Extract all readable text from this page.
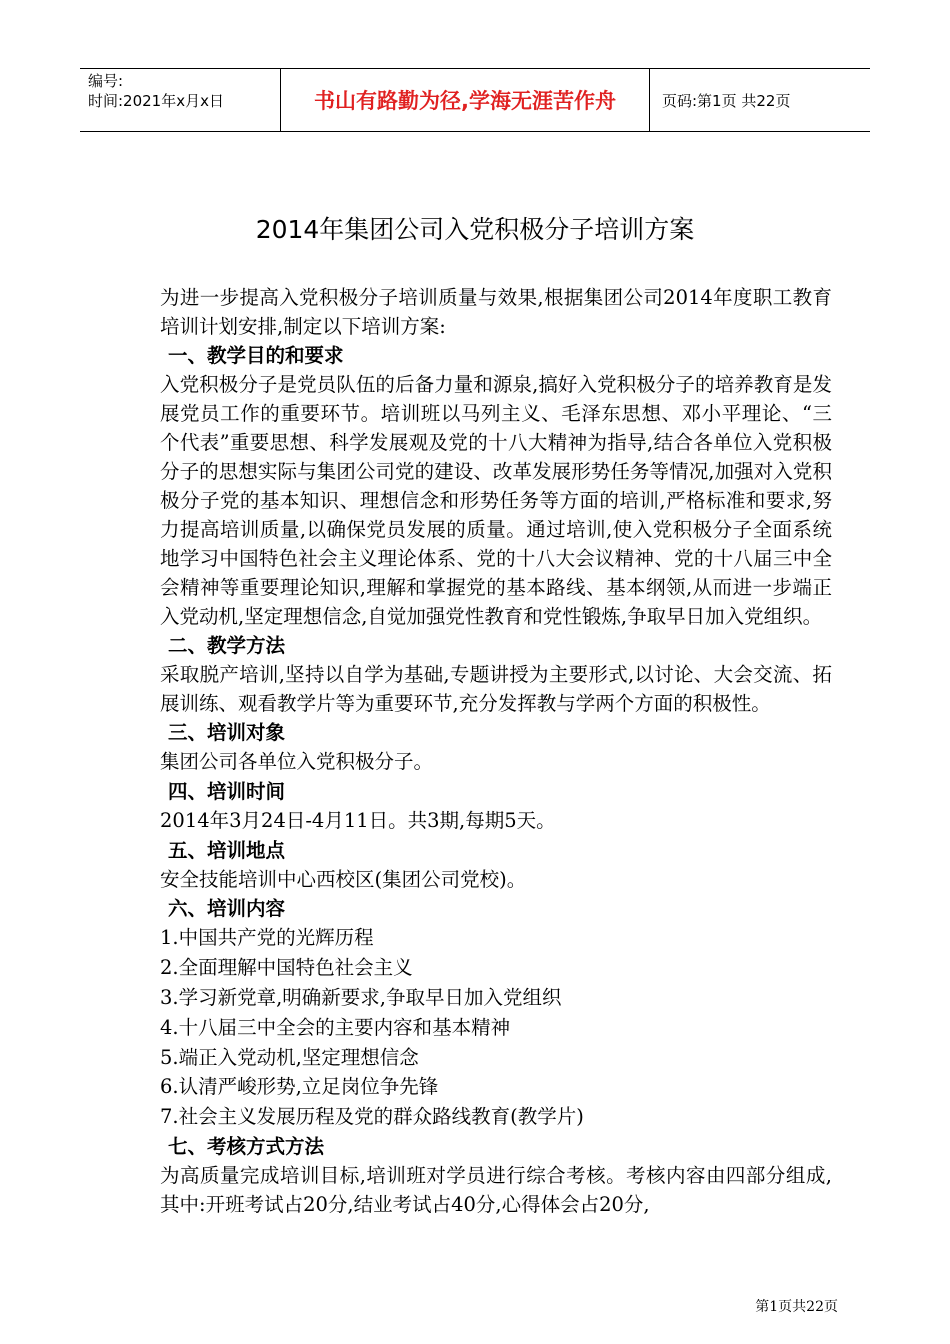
编号:
时间:2021年x月x日	书山有路勤为径,学海无涯苦作舟	页码:第1页 共22页
2014年集团公司入党积极分子培训方案

为进一步提高入党积极分子培训质量与效果,根据集团公司2014年度职工教育培训计划安排,制定以下培训方案:

一、教学目的和要求

入党积极分子是党员队伍的后备力量和源泉,搞好入党积极分子的培养教育是发展党员工作的重要环节。培训班以马列主义、毛泽东思想、邓小平理论、“三个代表”重要思想、科学发展观及党的十八大精神为指导,结合各单位入党积极分子的思想实际与集团公司党的建设、改革发展形势任务等情况,加强对入党积极分子党的基本知识、理想信念和形势任务等方面的培训,严格标准和要求,努力提高培训质量,以确保党员发展的质量。通过培训,使入党积极分子全面系统地学习中国特色社会主义理论体系、党的十八大会议精神、党的十八届三中全会精神等重要理论知识,理解和掌握党的基本路线、基本纲领,从而进一步端正入党动机,坚定理想信念,自觉加强党性教育和党性锻炼,争取早日加入党组织。

二、教学方法

采取脱产培训,坚持以自学为基础,专题讲授为主要形式,以讨论、大会交流、拓展训练、观看教学片等为重要环节,充分发挥教与学两个方面的积极性。

三、培训对象

集团公司各单位入党积极分子。

四、培训时间

2014年3月24日-4月11日。共3期,每期5天。

五、培训地点

安全技能培训中心西校区(集团公司党校)。

六、培训内容

1.中国共产党的光辉历程

2.全面理解中国特色社会主义

3.学习新党章,明确新要求,争取早日加入党组织

4.十八届三中全会的主要内容和基本精神

5.端正入党动机,坚定理想信念

6.认清严峻形势,立足岗位争先锋

7.社会主义发展历程及党的群众路线教育(教学片)

七、考核方式方法

为高质量完成培训目标,培训班对学员进行综合考核。考核内容由四部分组成,其中:开班考试占20分,结业考试占40分,心得体会占20分,

第1页共22页
